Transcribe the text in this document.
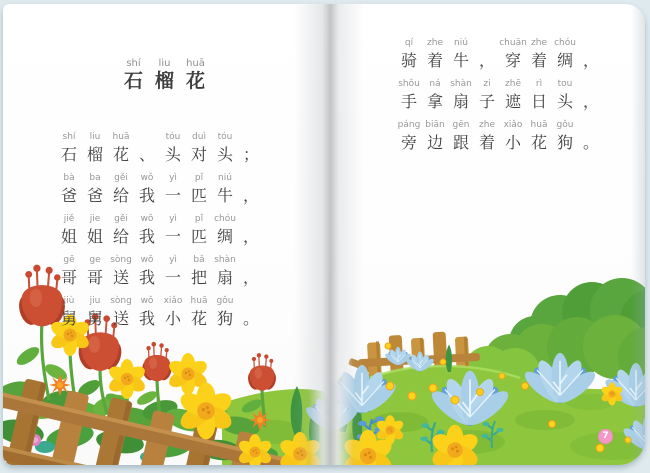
shí
石
liu
榴
huā
花
shí
石
liu
榴
huā
花 、
tóu
头
duì
对
tóu
头 ；
bà
爸
ba
爸
gěi
给
wǒ
我
yì
一
pǐ
匹
niú
牛 ，
jiě
姐
jie
姐
gěi
给
wǒ
我
yì
一
pǐ
匹
chóu
绸 ，
gē
哥
ge
哥
sòng
送
wǒ
我
yì
一
bǎ
把
shàn
扇 ，
jiù
舅
jiu
舅
sòng
送
wǒ
我
xiǎo
小
huā
花
gǒu
狗 。
qí
骑
zhe
着
niú
牛 ，
chuān
穿
zhe
着
chóu
绸 ，
shǒu
手
ná
拿
shàn
扇
zi
子
zhē
遮
rì
日
tou
头 ，
páng
旁
biān
边
gēn
跟
zhe
着
xiǎo
小
huā
花
gǒu
狗 。
7
